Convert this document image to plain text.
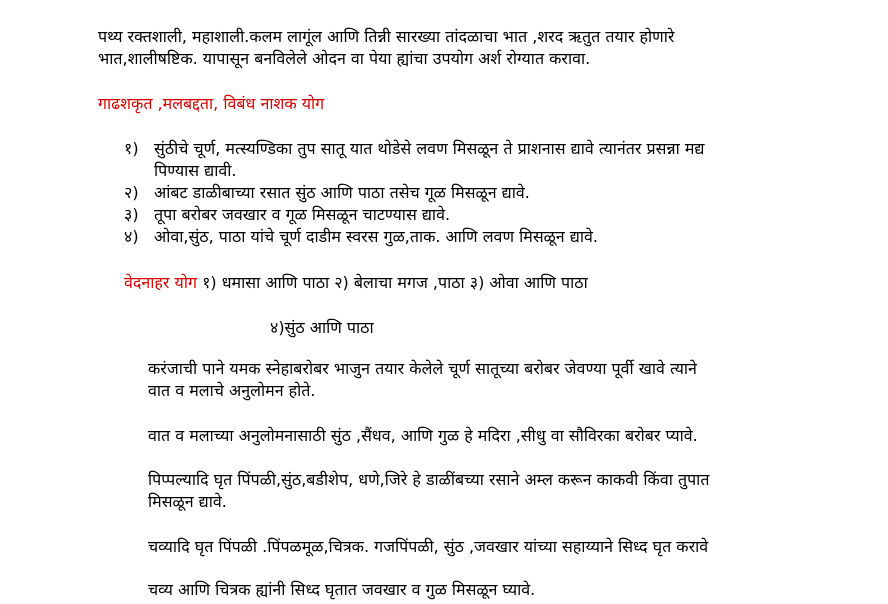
पथ्य रक्तशाली, महाशाली.कलम लागूंल आणि तिन्नी सारख्या तांदळाचा भात ,शरद ऋतुत तयार होणारे
भात,शालीषष्टिक. यापासून बनविलेले ओदन वा पेया ह्यांचा उपयोग अर्श रोग्यात करावा.
गाढशकृत ,मलबद्दता, विबंध नाशक योग
१) सुंठीचे चूर्ण, मत्स्यण्डिका तुप सातू यात थोडेसे लवण मिसळून ते प्राशनास द्यावे त्यानंतर प्रसन्ना मद्य
पिण्यास द्यावी.
२) आंबट डाळीबाच्या रसात सुंठ आणि पाठा तसेच गूळ मिसळून द्यावे.
३) तूपा बरोबर जवखार व गूळ मिसळून चाटण्यास द्यावे.
४) ओवा,सुंठ, पाठा यांचे चूर्ण दाडीम स्वरस गुळ,ताक. आणि लवण मिसळून द्यावे.
वेदनाहर योग १) धमासा आणि पाठा २) बेलाचा मगज ,पाठा ३) ओवा आणि पाठा
४)सुंठ आणि पाठा
करंजाची पाने यमक स्नेहाबरोबर भाजुन तयार केलेले चूर्ण सातूच्या बरोबर जेवण्या पूर्वी खावे त्याने
वात व मलाचे अनुलोमन होते.
वात व मलाच्या अनुलोमनासाठी सुंठ ,सैंधव, आणि गुळ हे मदिरा ,सीधु वा सौविरका बरोबर प्यावे.
पिप्पल्यादि घृत पिंपळी,सुंठ,बडीशेप, धणे,जिरे हे डाळींबच्या रसाने अम्ल करून काकवी किंवा तुपात
मिसळून द्यावे.
चव्यादि घृत पिंपळी .पिंपळमूळ,चित्रक. गजपिंपळी, सुंठ ,जवखार यांच्या सहाय्याने सिध्द घृत करावे
चव्य आणि चित्रक ह्यांनी सिध्द घृतात जवखार व गुळ मिसळून घ्यावे.
